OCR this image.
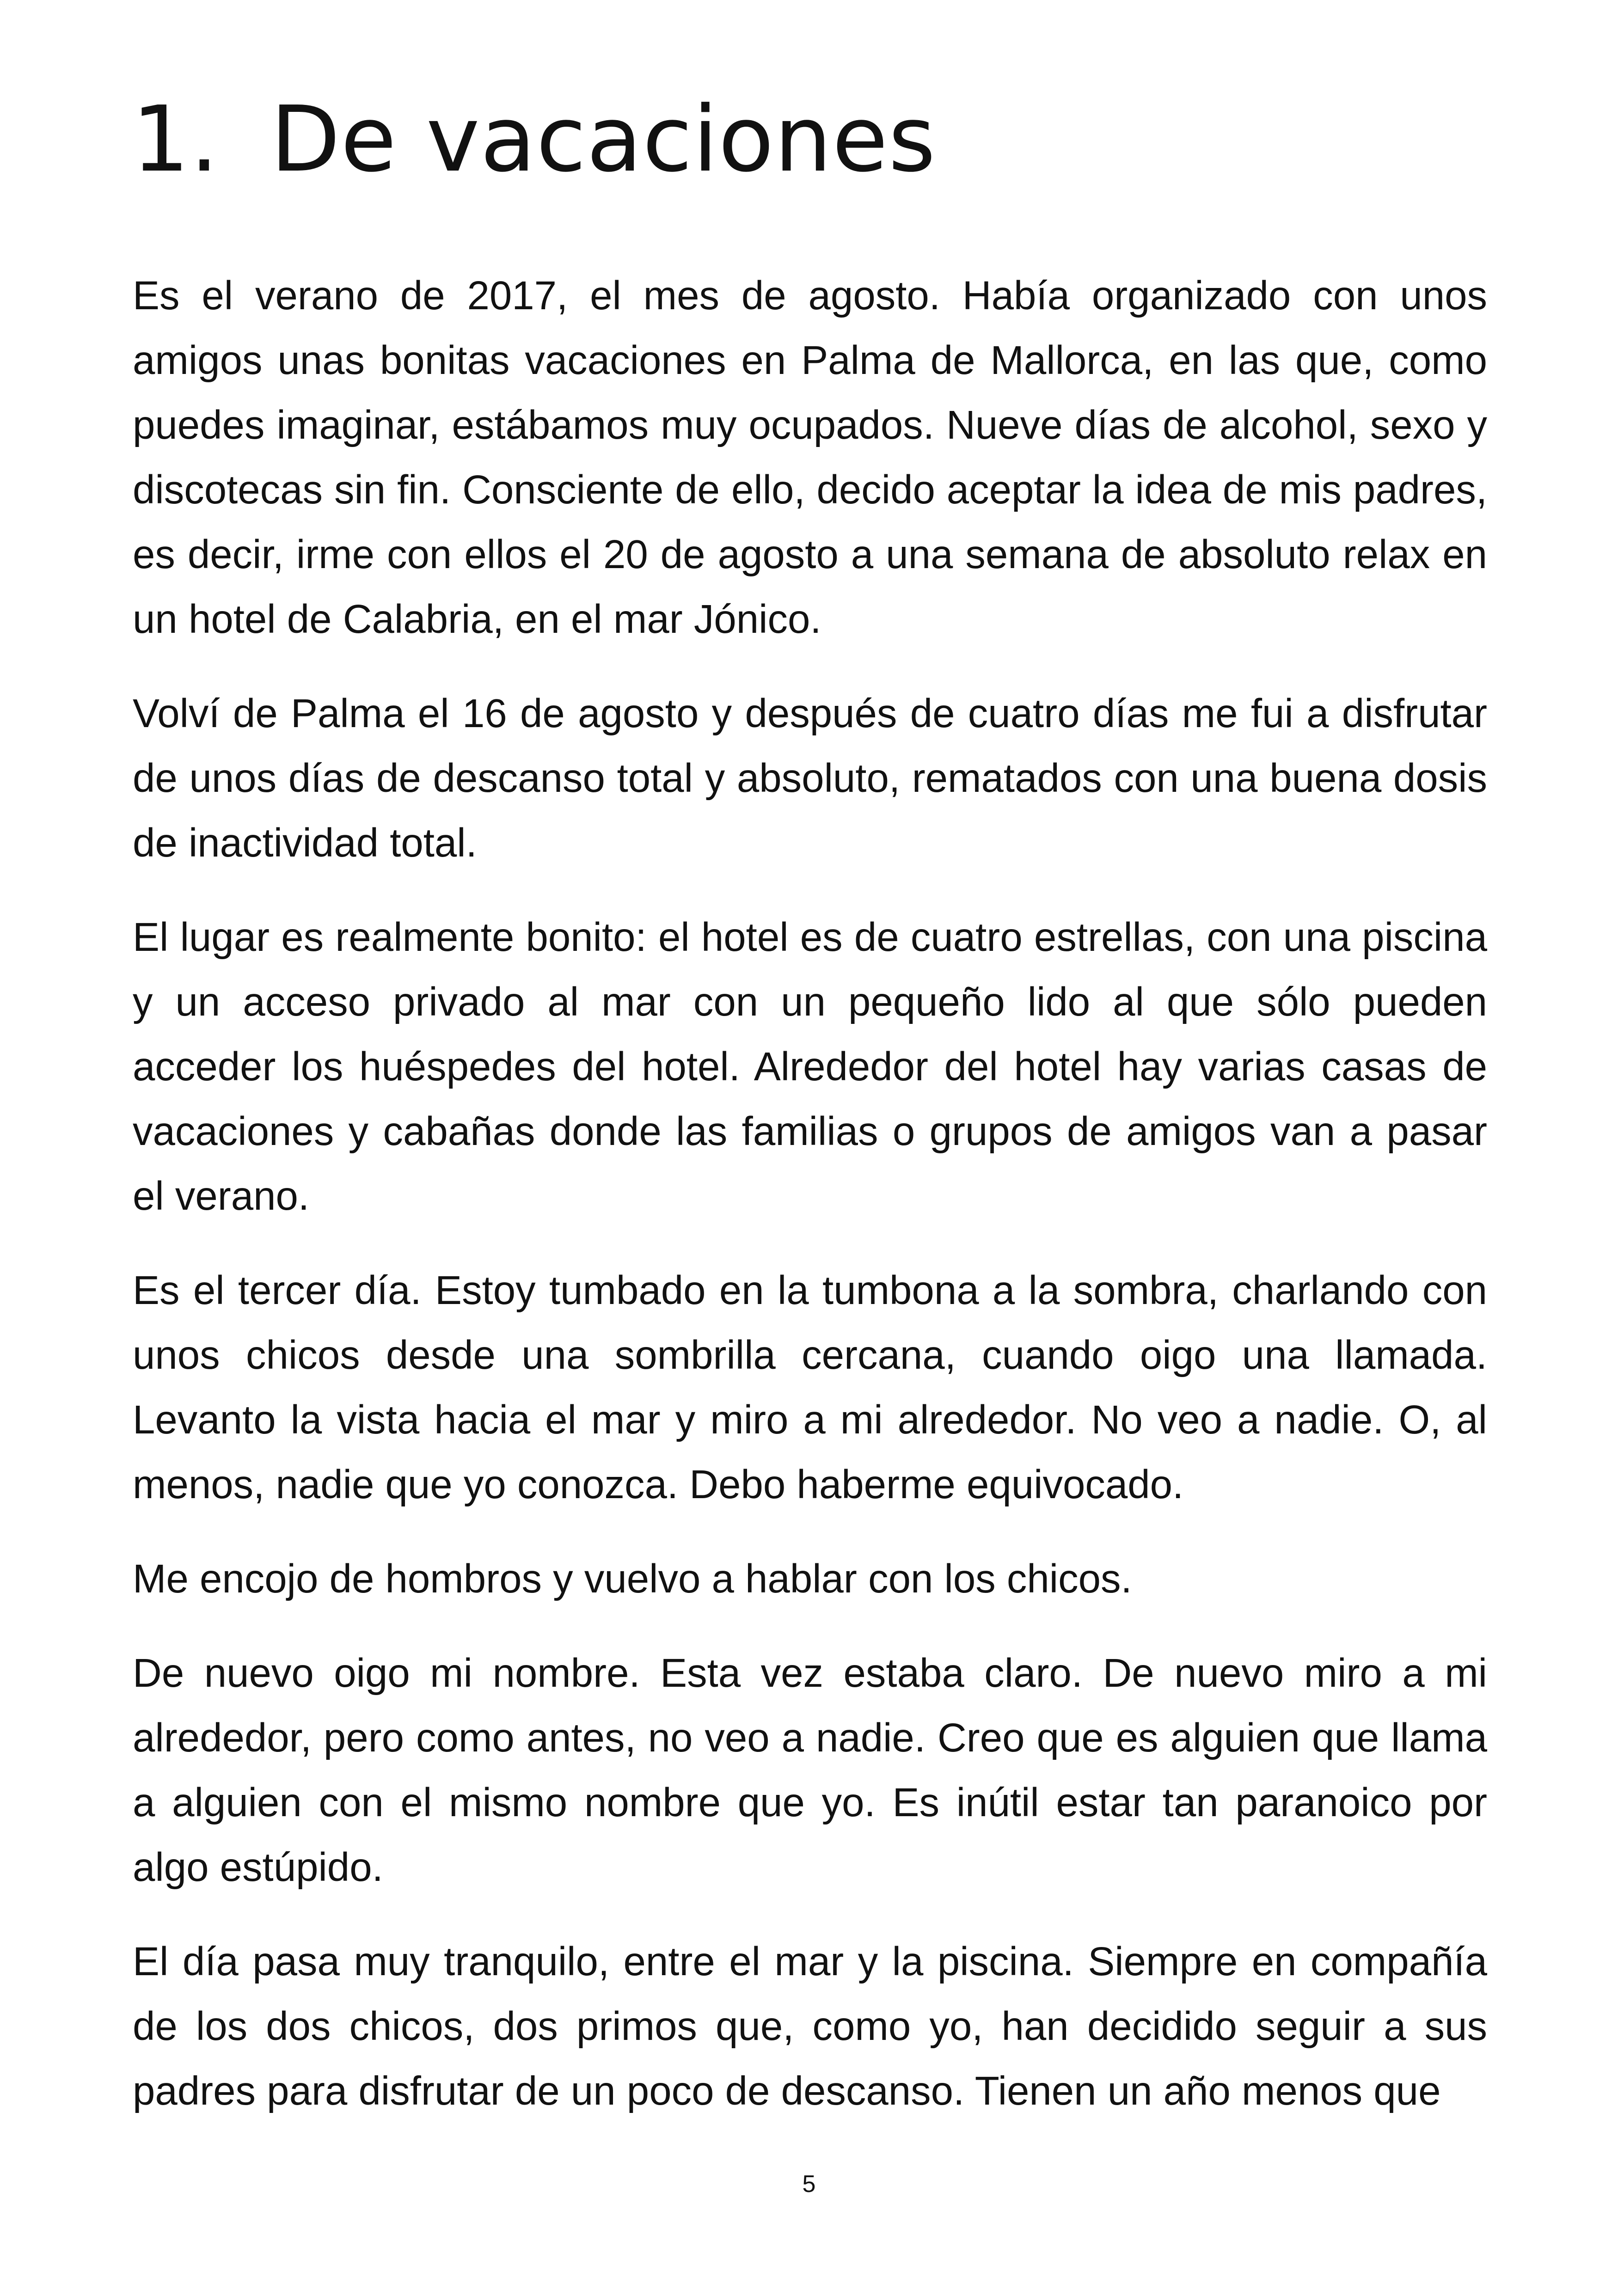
1. De vacaciones

Es el verano de 2017, el mes de agosto. Había organizado con unos amigos unas bonitas vacaciones en Palma de Mallorca, en las que, como puedes imaginar, estábamos muy ocupados. Nueve días de alcohol, sexo y discotecas sin fin. Consciente de ello, decido aceptar la idea de mis padres, es decir, irme con ellos el 20 de agosto a una semana de absoluto relax en un hotel de Calabria, en el mar Jónico.

Volví de Palma el 16 de agosto y después de cuatro días me fui a disfrutar de unos días de descanso total y absoluto, rematados con una buena dosis de inactividad total.

El lugar es realmente bonito: el hotel es de cuatro estrellas, con una piscina y un acceso privado al mar con un pequeño lido al que sólo pueden acceder los huéspedes del hotel. Alrededor del hotel hay varias casas de vacaciones y cabañas donde las familias o grupos de amigos van a pasar el verano.

Es el tercer día. Estoy tumbado en la tumbona a la sombra, charlando con unos chicos desde una sombrilla cercana, cuando oigo una llamada. Levanto la vista hacia el mar y miro a mi alrededor. No veo a nadie. O, al menos, nadie que yo conozca. Debo haberme equivocado.

Me encojo de hombros y vuelvo a hablar con los chicos.

De nuevo oigo mi nombre. Esta vez estaba claro. De nuevo miro a mi alrededor, pero como antes, no veo a nadie. Creo que es alguien que llama a alguien con el mismo nombre que yo. Es inútil estar tan paranoico por algo estúpido.

El día pasa muy tranquilo, entre el mar y la piscina. Siempre en compañía de los dos chicos, dos primos que, como yo, han decidido seguir a sus padres para disfrutar de un poco de descanso. Tienen un año menos que

5
